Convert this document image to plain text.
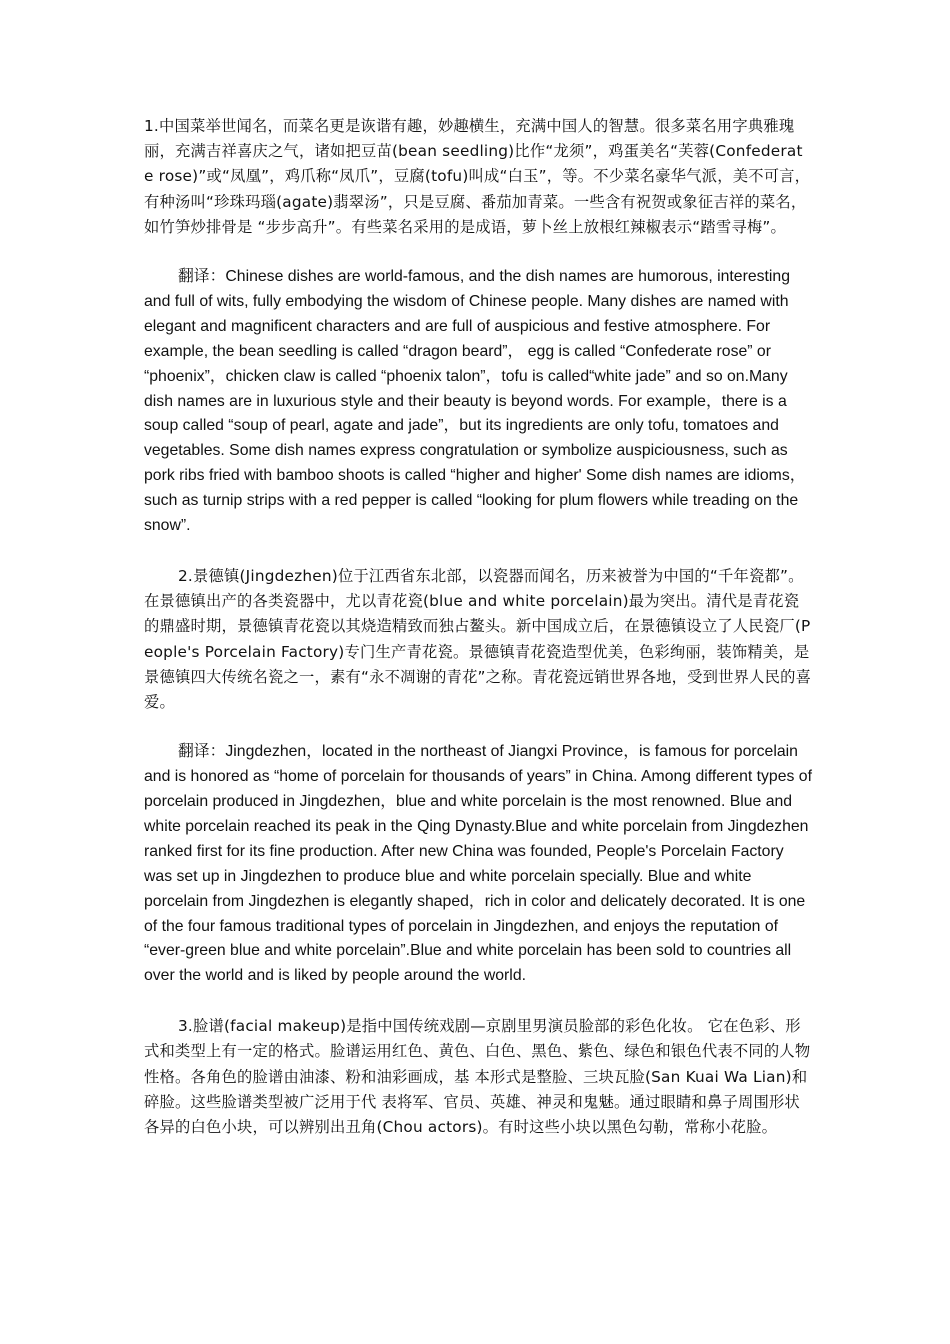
1.中国菜举世闻名，而菜名更是诙谐有趣，妙趣横生，充满中国人的智慧。很多菜名用字典雅瑰丽，充满吉祥喜庆之气，诸如把豆苗(bean seedling)比作“龙须”，鸡蛋美名“芙蓉(Confederate rose)”或“凤凰”，鸡爪称“凤爪”，豆腐(tofu)叫成“白玉”，等。不少菜名豪华气派，美不可言，有种汤叫“珍珠玛瑙(agate)翡翠汤”，只是豆腐、番茄加青菜。一些含有祝贺或象征吉祥的菜名，如竹笋炒排骨是 “步步高升”。有些菜名采用的是成语，萝卜丝上放根红辣椒表示“踏雪寻梅”。

翻译：Chinese dishes are world-famous, and the dish names are humorous, interesting and full of wits, fully embodying the wisdom of Chinese people. Many dishes are named with elegant and magnificent characters and are full of auspicious and festive atmosphere. For example, the bean seedling is called “dragon beard”， egg is called “Confederate rose” or “phoenix”，chicken claw is called “phoenix talon”，tofu is called“white jade” and so on.Many dish names are in luxurious style and their beauty is beyond words. For example，there is a soup called “soup of pearl, agate and jade”，but its ingredients are only tofu, tomatoes and vegetables. Some dish names express congratulation or symbolize auspiciousness, such as pork ribs fried with bamboo shoots is called “higher and higher' Some dish names are idioms，such as turnip strips with a red pepper is called “looking for plum flowers while treading on the snow”.

2.景德镇(Jingdezhen)位于江西省东北部，以瓷器而闻名，历来被誉为中国的“千年瓷都”。在景德镇出产的各类瓷器中，尤以青花瓷(blue and white porcelain)最为突出。清代是青花瓷的鼎盛时期，景德镇青花瓷以其烧造精致而独占鳌头。新中国成立后，在景德镇设立了人民瓷厂(People's Porcelain Factory)专门生产青花瓷。景德镇青花瓷造型优美，色彩绚丽，装饰精美，是景德镇四大传统名瓷之一，素有“永不凋谢的青花”之称。青花瓷远销世界各地，受到世界人民的喜爱。

翻译：Jingdezhen，located in the northeast of Jiangxi Province，is famous for porcelain and is honored as “home of porcelain for thousands of years” in China. Among different types of porcelain produced in Jingdezhen，blue and white porcelain is the most renowned. Blue and white porcelain reached its peak in the Qing Dynasty.Blue and white porcelain from Jingdezhen ranked first for its fine production. After new China was founded, People's Porcelain Factory was set up in Jingdezhen to produce blue and white porcelain specially. Blue and white porcelain from Jingdezhen is elegantly shaped，rich in color and delicately decorated. It is one of the four famous traditional types of porcelain in Jingdezhen, and enjoys the reputation of “ever-green blue and white porcelain”.Blue and white porcelain has been sold to countries all over the world and is liked by people around the world.

3.脸谱(facial makeup)是指中国传统戏剧—京剧里男演员脸部的彩色化妆。 它在色彩、形式和类型上有一定的格式。脸谱运用红色、黄色、白色、黑色、紫色、绿色和银色代表不同的人物性格。各角色的脸谱由油漆、粉和油彩画成，基 本形式是整脸、三块瓦脸(San Kuai Wa Lian)和碎脸。这些脸谱类型被广泛用于代 表将军、官员、英雄、神灵和鬼魅。通过眼睛和鼻子周围形状各异的白色小块，可以辨别出丑角(Chou actors)。有时这些小块以黑色勾勒，常称小花脸。
